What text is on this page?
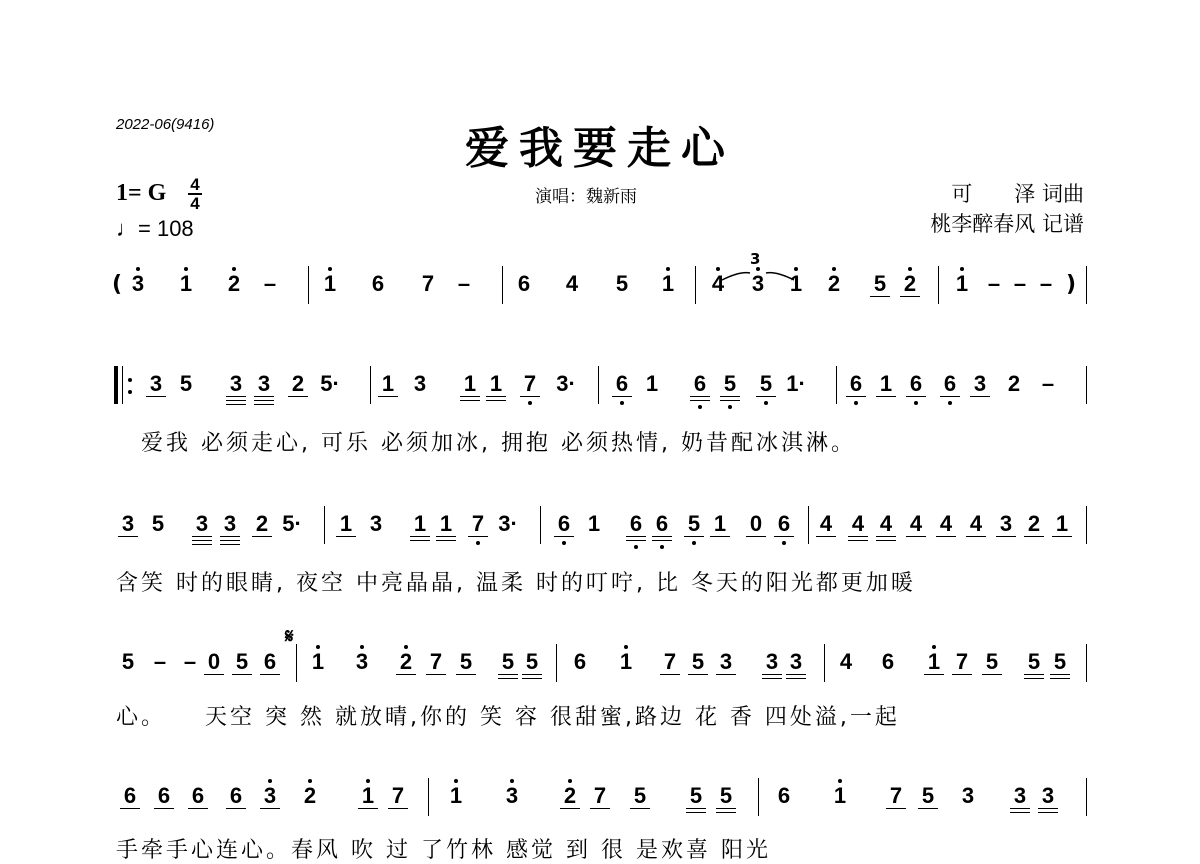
2022-06(9416)	爱我要走心
1= G 4
4
♩= 108
演唱：魏新雨	可　　泽 词曲
桃李醉春风 记谱
3 1 2 – 1 6 7 – 6 4 5 1 4 3 1 2 5 2 1 – – –
3 5 3 3 2 5· 1 3 1 1 7 3· 6 1 6 5 5 1· 6 1 6 6 3 2 –
3 5 3 3 2 5· 1 3 1 1 7 3· 6 1 6 6 5 1 0 6 4 4 4 4 4 4 3 2 1
5 – – 0 5 6 1 3 2 7 5 5 5 6 1 7 5 3 3 3 4 6 1 7 5 5 5
6 6 6 6 3 2 1 7 1 3 2 7 5 5 5 6 1 7 5 3 3 3
(	)
3
𝄋
　爱我 必须走心, 可乐 必须加冰, 拥抱 必须热情, 奶昔配冰淇淋。
含笑 时的眼睛, 夜空 中亮晶晶, 温柔 时的叮咛, 比 冬天的阳光都更加暖
心。　　天空 突 然 就放晴,你的 笑 容 很甜蜜,路边 花 香 四处溢,一起
手牵手心连心。春风 吹 过 了竹林 感觉 到 很 是欢喜 阳光
